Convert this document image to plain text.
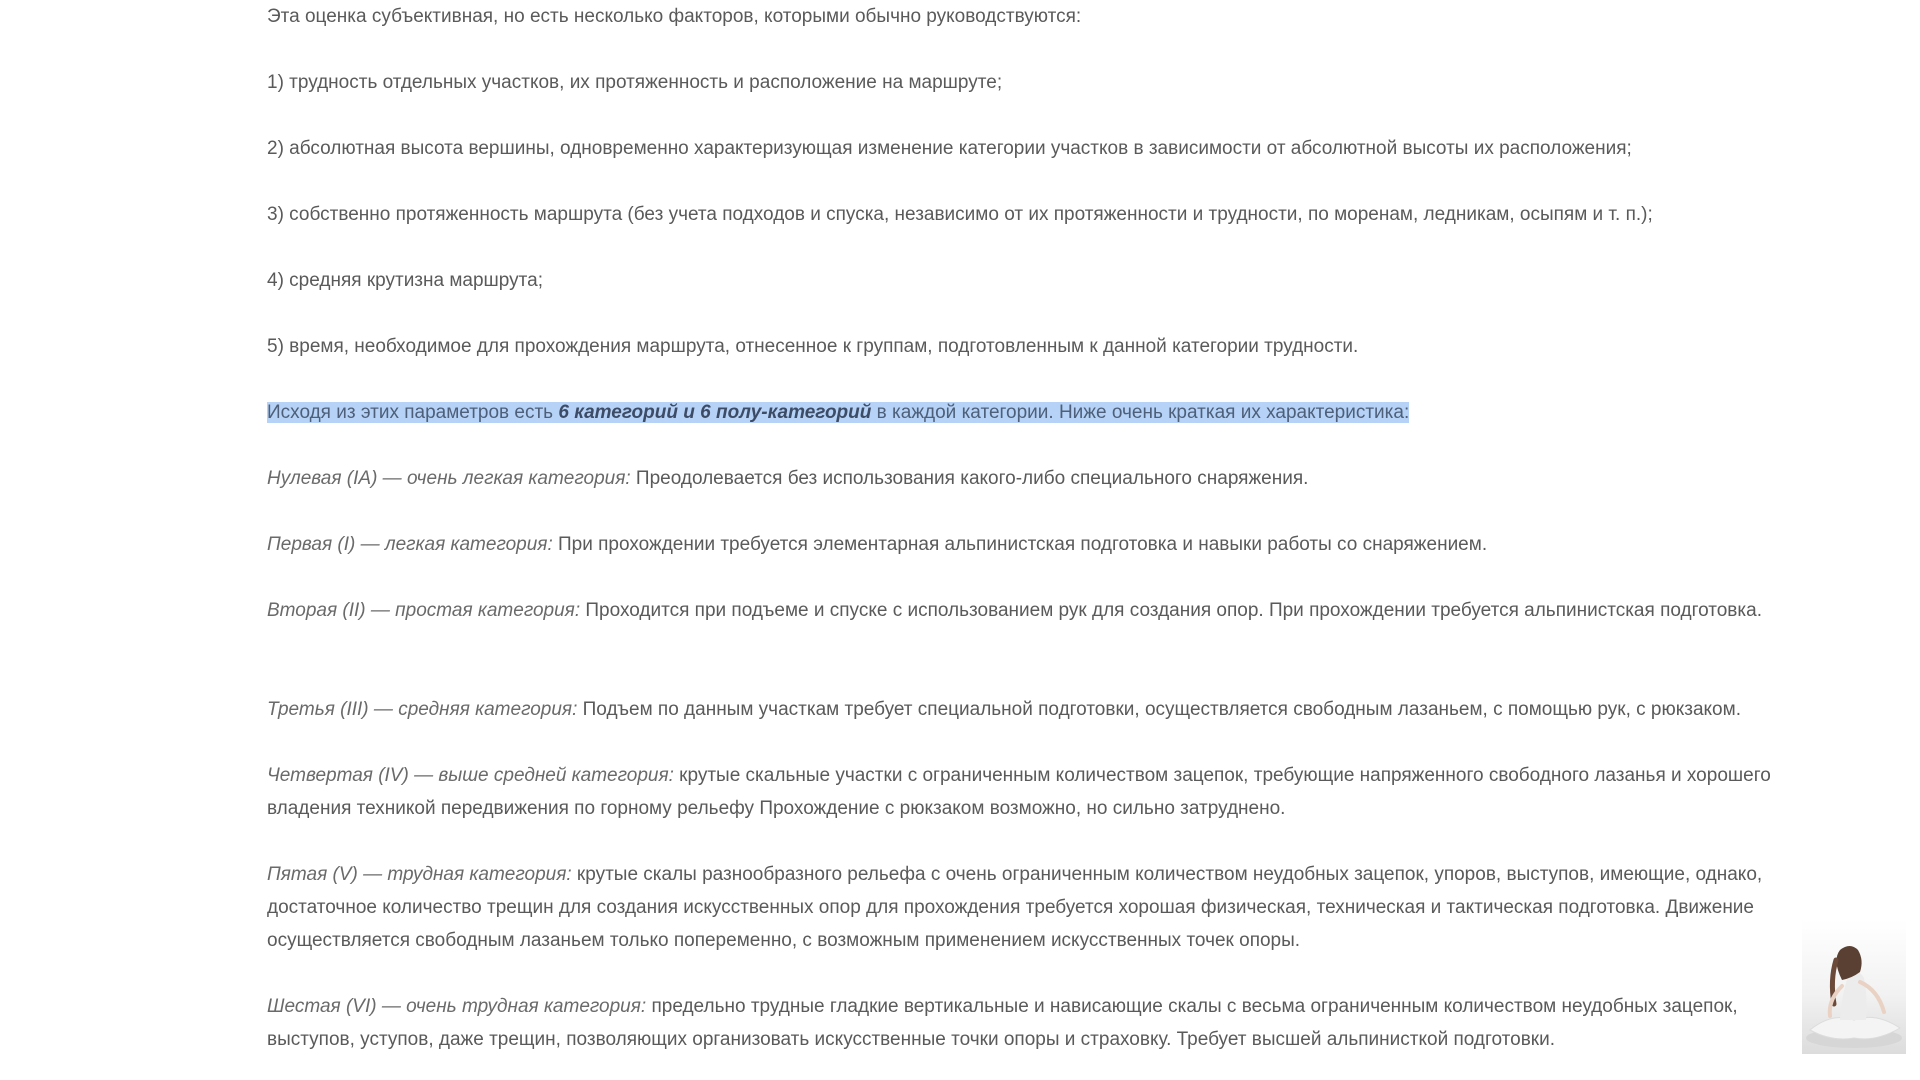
Эта оценка субъективная, но есть несколько факторов, которыми обычно руководствуются:

1) трудность отдельных участков, их протяженность и расположение на маршруте;

2) абсолютная высота вершины, одновременно характеризующая изменение категории участков в зависимости от абсолютной высоты их расположения;

3) собственно протяженность маршрута (без учета подходов и спуска, независимо от их протяженности и трудности, по моренам, ледникам, осыпям и т. п.);

4) средняя крутизна маршрута;

5) время, необходимое для прохождения маршрута, отнесенное к группам, подготовленным к данной категории трудности.

Исходя из этих параметров есть 6 категорий и 6 полу-категорий в каждой категории. Ниже очень краткая их характеристика:

Нулевая (IA) — очень легкая категория: Преодолевается без использования какого-либо специального снаряжения.

Первая (I) — легкая категория: При прохождении требуется элементарная альпинистская подготовка и навыки работы со снаряжением.

Вторая (II) — простая категория: Проходится при подъеме и спуске с использованием рук для создания опор. При прохождении требуется альпинистская подготовка.

Третья (III) — средняя категория: Подъем по данным участкам требует специальной подготовки, осуществляется свободным лазаньем, с помощью рук, с рюкзаком.

Четвертая (IV) — выше средней категория: крутые скальные участки с ограниченным количеством зацепок, требующие напряженного свободного лазанья и хорошего владения техникой передвижения по горному рельефу Прохождение с рюкзаком возможно, но сильно затруднено.

Пятая (V) — трудная категория: крутые скалы разнообразного рельефа с очень ограниченным количеством неудобных зацепок, упоров, выступов, имеющие, однако, достаточное количество трещин для создания искусственных опор для прохождения требуется хорошая физическая, техническая и тактическая подготовка. Движение осуществляется свободным лазаньем только попеременно, с возможным применением искусственных точек опоры.

Шестая (VI) — очень трудная категория: предельно трудные гладкие вертикальные и нависающие скалы с весьма ограниченным количеством неудобных зацепок, выступов, уступов, даже трещин, позволяющих организовать искусственные точки опоры и страховку. Требует высшей альпинисткой подготовки.
